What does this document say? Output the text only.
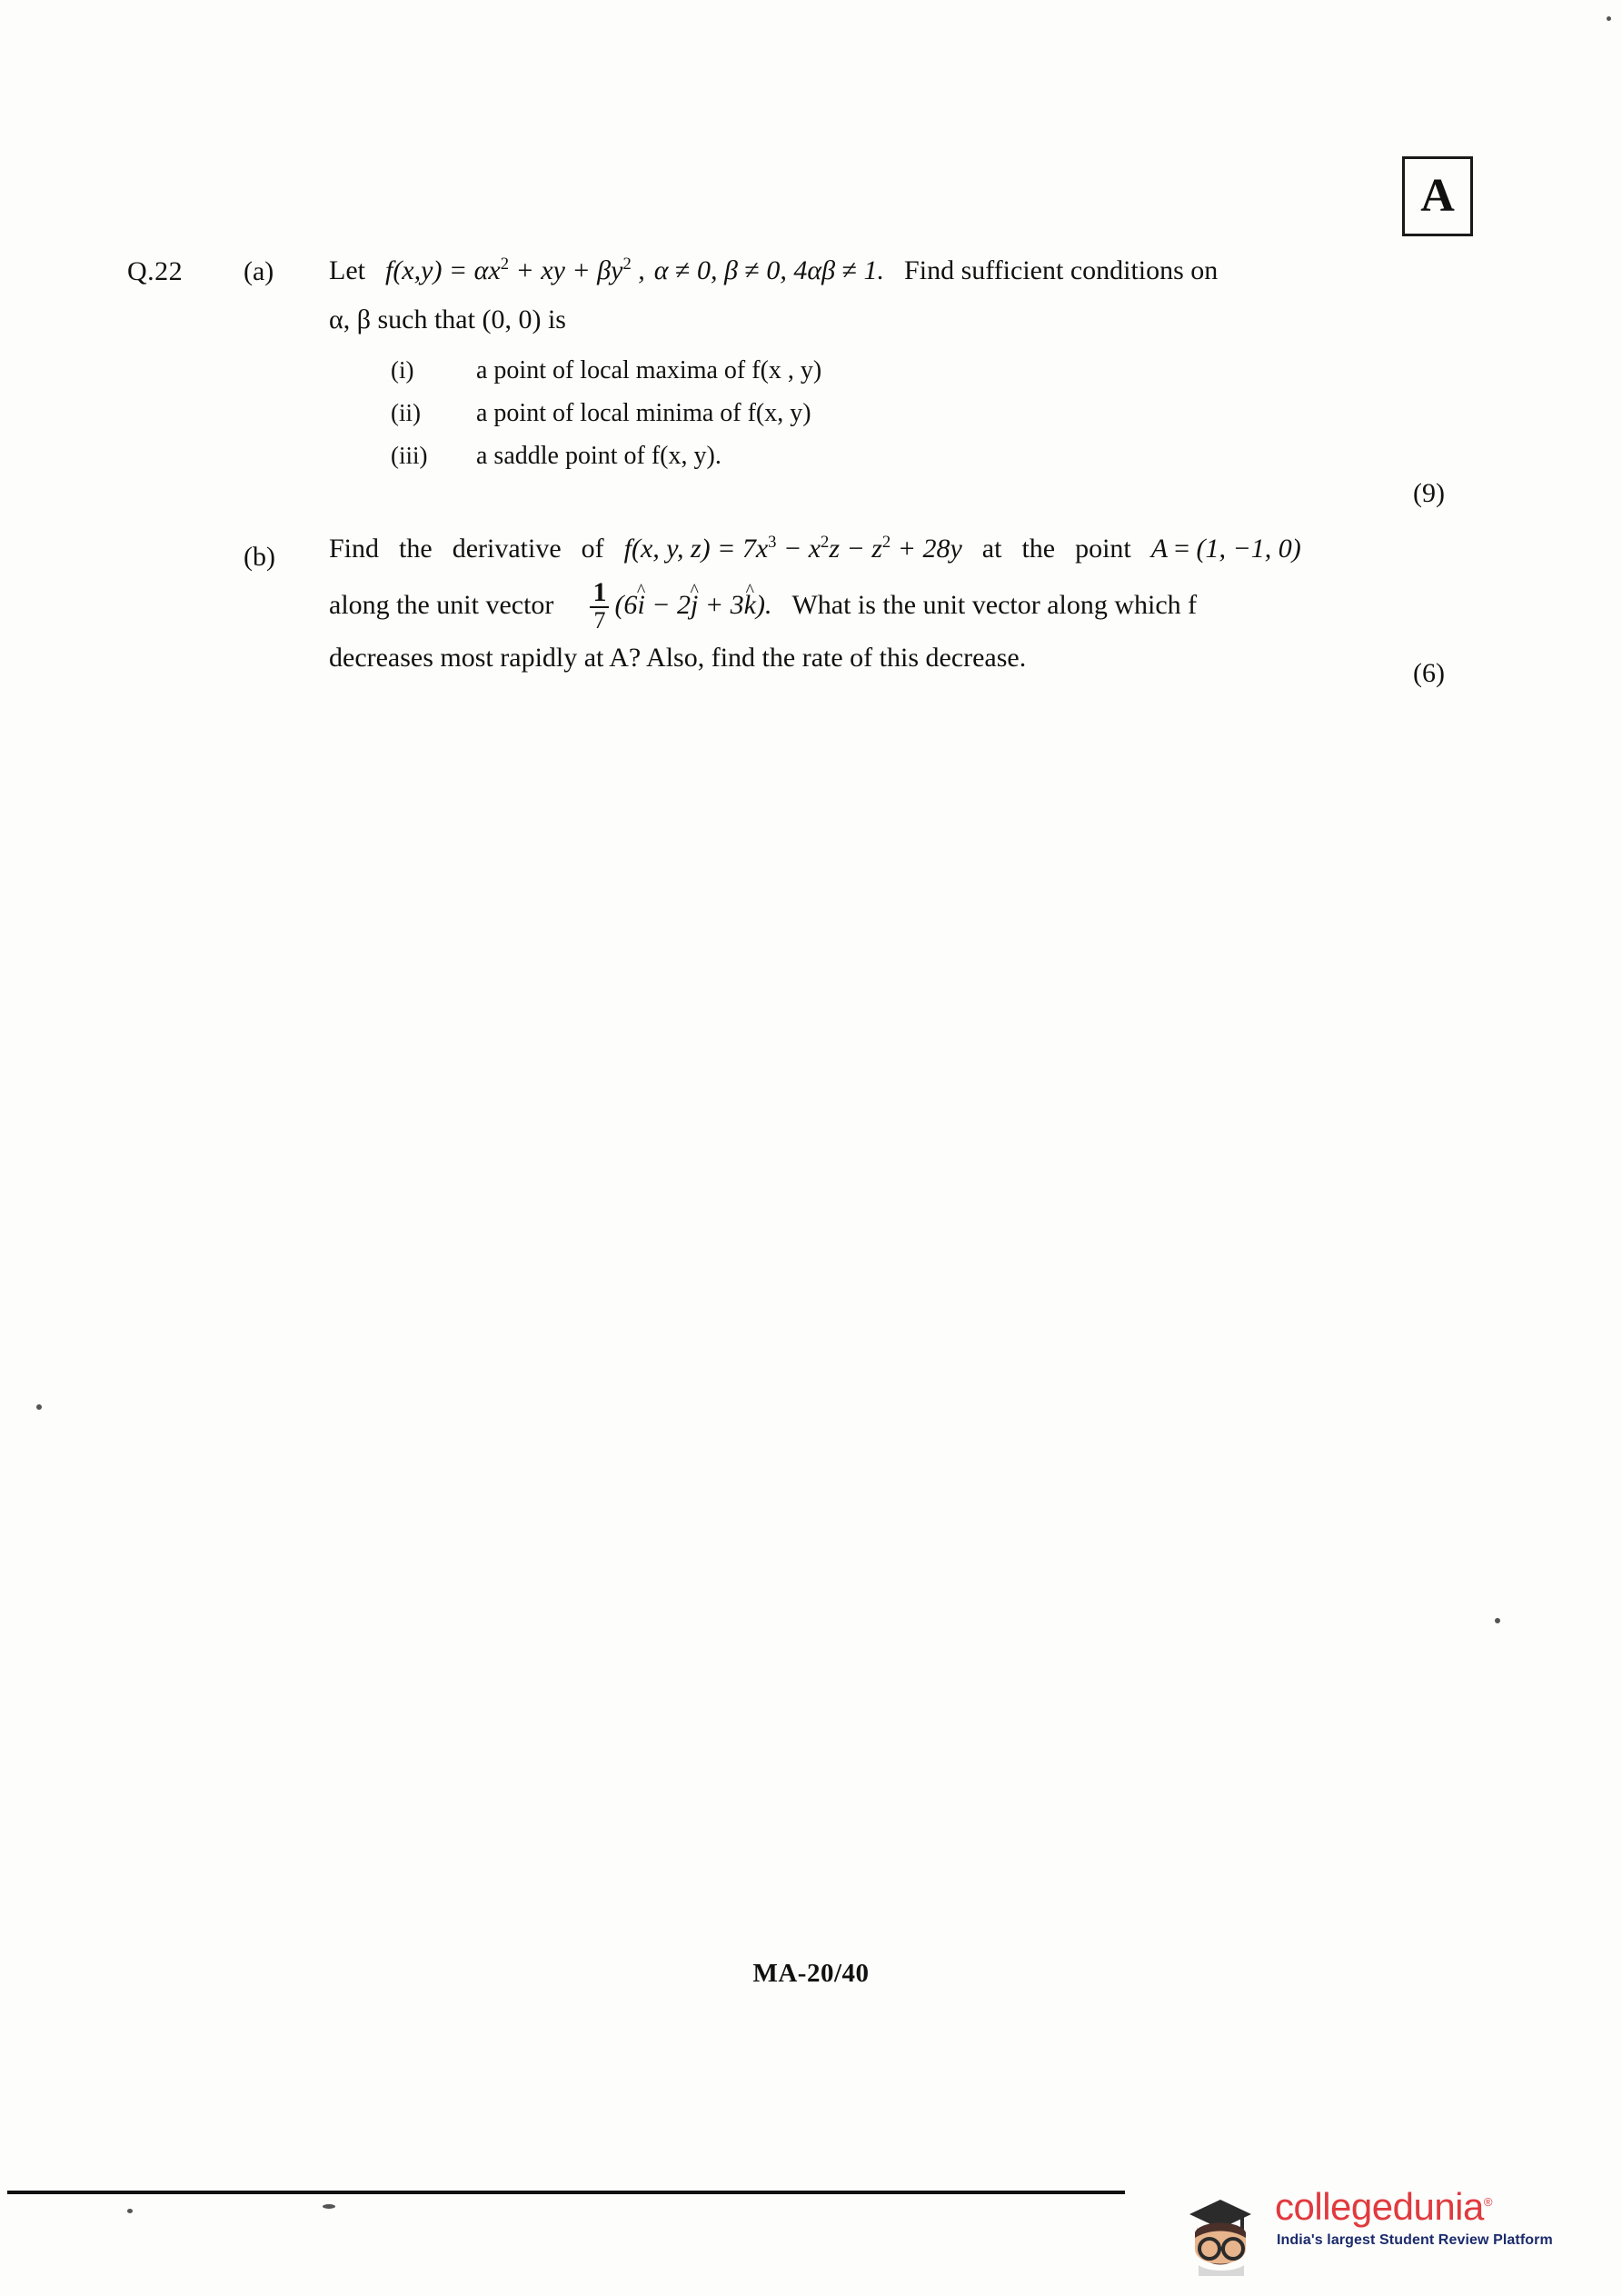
A
Q.22 (a) Let $f(x,y) = \alpha x^2$ + xy + $\beta y^2$ , α ≠ 0, β ≠ 0, 4αβ ≠ 1. Find sufficient conditions on
α, β such that (0, 0) is
(i)	a point of local maxima of f(x , y)
(ii)	a point of local minima of f(x, y)
(iii)	a saddle point of f(x, y).
(9)
(b) Find the derivative of f(x, y, $z) = 7x^3 - x^2z - z^2 + 28y$ at the point A = (1, −1, 0)
along the unit vector $\frac{1}{7}$ (6^ i − 2^ j + 3^ k). What is the unit vector along which f
decreases most rapidly at A? Also, find the rate of this decrease.
(6)
MA-20/40
collegedunia®
India's largest Student Review Platform
